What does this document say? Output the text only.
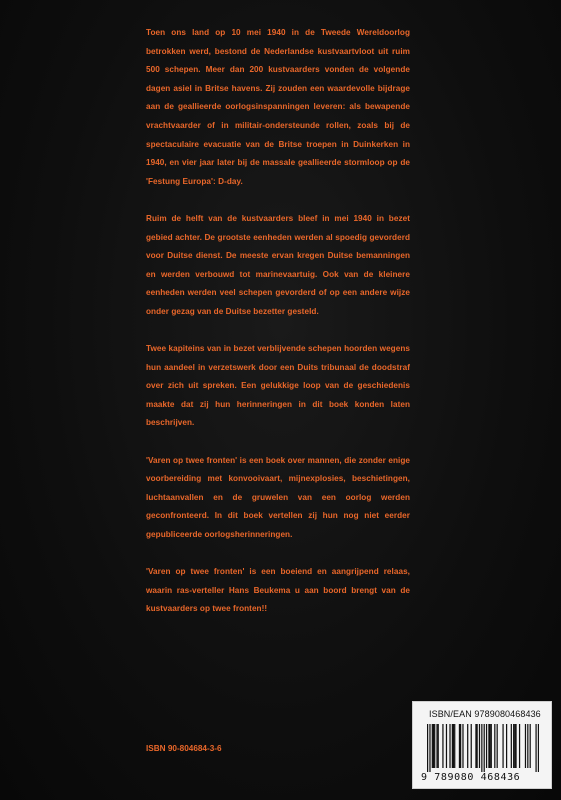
Toen ons land op 10 mei 1940 in de Tweede Wereldoorlog betrokken werd, bestond de Nederlandse kustvaartvloot uit ruim 500 schepen. Meer dan 200 kustvaarders vonden de volgende dagen asiel in Britse havens. Zij zouden een waardevolle bijdrage aan de geallieerde oorlogsinspanningen leveren: als bewapende vrachtvaarder of in militair-ondersteunde rollen, zoals bij de spectaculaire evacuatie van de Britse troepen in Duinkerken in 1940, en vier jaar later bij de massale geallieerde stormloop op de 'Festung Europa': D-day.

Ruim de helft van de kustvaarders bleef in mei 1940 in bezet gebied achter. De grootste eenheden werden al spoedig gevorderd voor Duitse dienst. De meeste ervan kregen Duitse bemanningen en werden verbouwd tot marinevaartuig. Ook van de kleinere eenheden werden veel schepen gevorderd of op een andere wijze onder gezag van de Duitse bezetter gesteld.

Twee kapiteins van in bezet verblijvende schepen hoorden wegens hun aandeel in verzetswerk door een Duits tribunaal de doodstraf over zich uit spreken. Een gelukkige loop van de geschiedenis maakte dat zij hun herinneringen in dit boek konden laten beschrijven.

'Varen op twee fronten' is een boek over mannen, die zonder enige voorbereiding met konvooivaart, mijnexplosies, beschietingen, luchtaanvallen en de gruwelen van een oorlog werden geconfronteerd. In dit boek vertellen zij hun nog niet eerder gepubliceerde oorlogsherinneringen.

'Varen op twee fronten' is een boeiend en aangrijpend relaas, waarin ras-verteller Hans Beukema u aan boord brengt van de kustvaarders op twee fronten!!

ISBN 90-804684-3-6
ISBN/EAN 9789080468436
9 789080 468436
